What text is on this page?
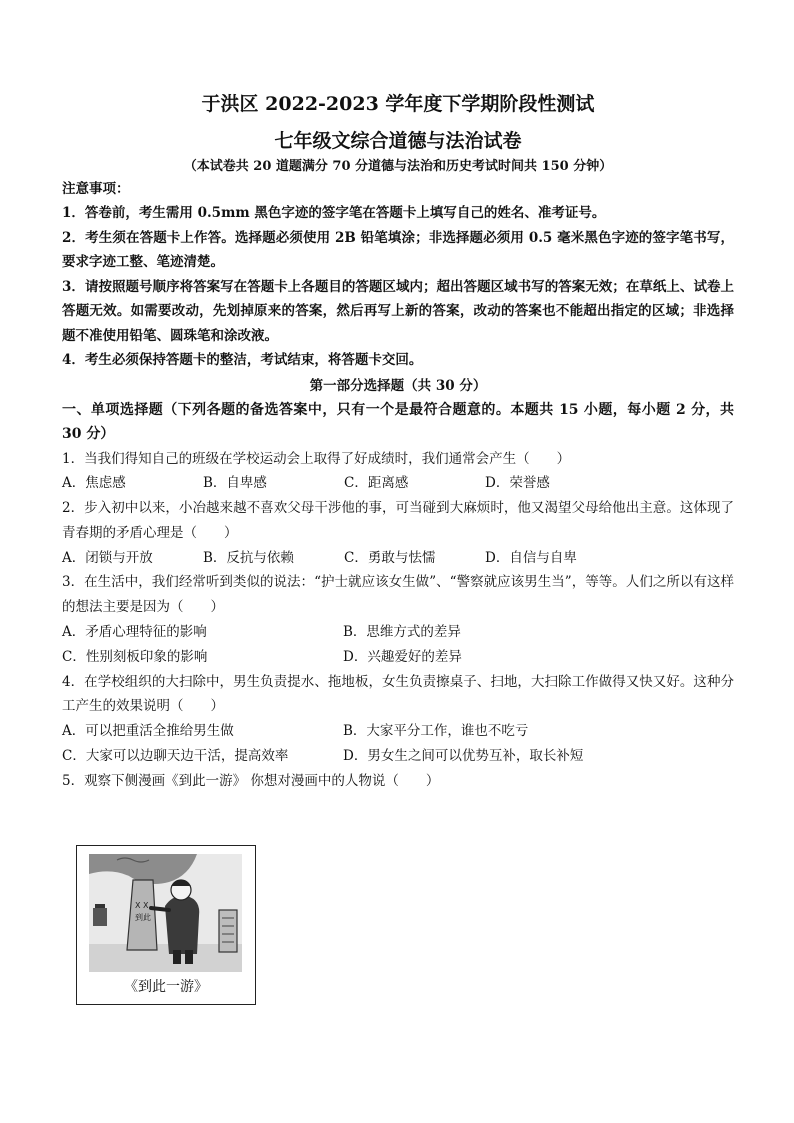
于洪区 2022-2023 学年度下学期阶段性测试

七年级文综合道德与法治试卷

（本试卷共 20 道题满分 70 分道德与法治和历史考试时间共 150 分钟）

注意事项：

1．答卷前，考生需用 0.5mm 黑色字迹的签字笔在答题卡上填写自己的姓名、准考证号。

2．考生须在答题卡上作答。选择题必须使用 2B 铅笔填涂；非选择题必须用 0.5 毫米黑色字迹的签字笔书写，要求字迹工整、笔迹清楚。

3．请按照题号顺序将答案写在答题卡上各题目的答题区域内；超出答题区域书写的答案无效；在草纸上、试卷上答题无效。如需要改动，先划掉原来的答案，然后再写上新的答案，改动的答案也不能超出指定的区域；非选择题不准使用铅笔、圆珠笔和涂改液。

4．考生必须保持答题卡的整洁，考试结束，将答题卡交回。

第一部分选择题（共 30 分）

一、单项选择题（下列各题的备选答案中，只有一个是最符合题意的。本题共 15 小题，每小题 2 分，共 30 分）

1．当我们得知自己的班级在学校运动会上取得了好成绩时，我们通常会产生（　　）

A．焦虑感	B．自卑感	C．距离感	D．荣誉感

2．步入初中以来，小冶越来越不喜欢父母干涉他的事，可当碰到大麻烦时，他又渴望父母给他出主意。这体现了青春期的矛盾心理是（　　）

A．闭锁与开放	B．反抗与依赖	C．勇敢与怯懦	D．自信与自卑

3．在生活中，我们经常听到类似的说法：“护士就应该女生做”、“警察就应该男生当”，等等。人们之所以有这样的想法主要是因为（　　）

A．矛盾心理特征的影响	B．思维方式的差异
C．性别刻板印象的影响	D．兴趣爱好的差异

4．在学校组织的大扫除中，男生负责提水、拖地板，女生负责擦桌子、扫地，大扫除工作做得又快又好。这种分工产生的效果说明（　　）

A．可以把重活全推给男生做	B．大家平分工作，谁也不吃亏
C．大家可以边聊天边干活，提高效率	D．男女生之间可以优势互补，取长补短

5．观察下侧漫画《到此一游》 你想对漫画中的人物说（　　）

X X
到此
《到此一游》
